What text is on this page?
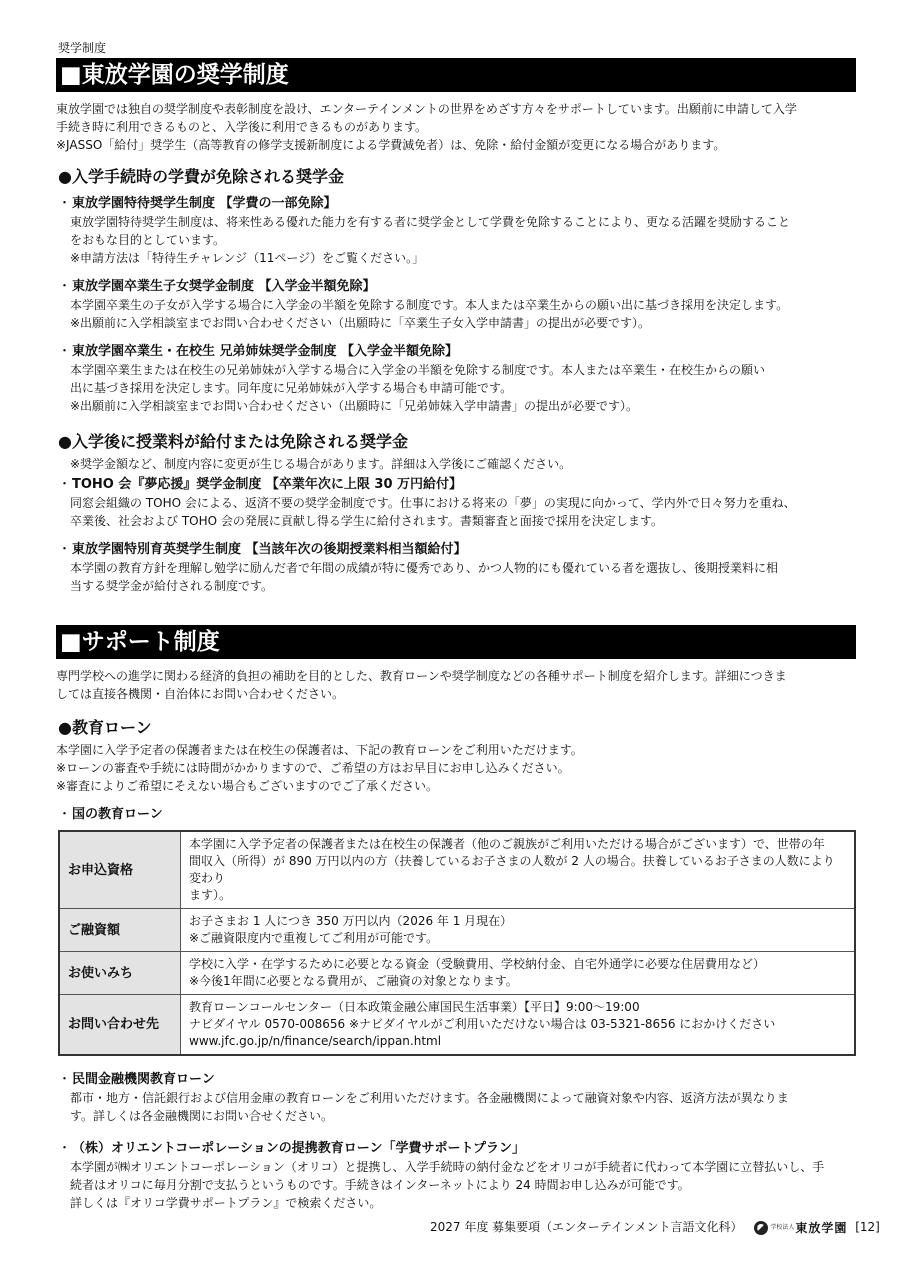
奨学制度
■東放学園の奨学制度

東放学園では独自の奨学制度や表彰制度を設け、エンターテインメントの世界をめざす方々をサポートしています。出願前に申請して入学

手続き時に利用できるものと、入学後に利用できるものがあります。

※JASSO「給付」奨学生（高等教育の修学支援新制度による学費減免者）は、免除・給付金額が変更になる場合があります。

●入学手続時の学費が免除される奨学金
・東放学園特待奨学生制度 【学費の一部免除】

東放学園特待奨学生制度は、将来性ある優れた能力を有する者に奨学金として学費を免除することにより、更なる活躍を奨励すること

をおもな目的としています。

※申請方法は「特待生チャレンジ（11ページ）をご覧ください。」

・東放学園卒業生子女奨学金制度 【入学金半額免除】

本学園卒業生の子女が入学する場合に入学金の半額を免除する制度です。本人または卒業生からの願い出に基づき採用を決定します。

※出願前に入学相談室までお問い合わせください（出願時に「卒業生子女入学申請書」の提出が必要です）。

・東放学園卒業生・在校生 兄弟姉妹奨学金制度 【入学金半額免除】

本学園卒業生または在校生の兄弟姉妹が入学する場合に入学金の半額を免除する制度です。本人または卒業生・在校生からの願い

出に基づき採用を決定します。同年度に兄弟姉妹が入学する場合も申請可能です。

※出願前に入学相談室までお問い合わせください（出願時に「兄弟姉妹入学申請書」の提出が必要です）。

●入学後に授業料が給付または免除される奨学金
※奨学金額など、制度内容に変更が生じる場合があります。詳細は入学後にご確認ください。
・TOHO 会『夢応援』奨学金制度 【卒業年次に上限 30 万円給付】

同窓会組織の TOHO 会による、返済不要の奨学金制度です。仕事における将来の「夢」の実現に向かって、学内外で日々努力を重ね、

卒業後、社会および TOHO 会の発展に貢献し得る学生に給付されます。書類審査と面接で採用を決定します。

・東放学園特別育英奨学生制度 【当該年次の後期授業料相当額給付】

本学園の教育方針を理解し勉学に励んだ者で年間の成績が特に優秀であり、かつ人物的にも優れている者を選抜し、後期授業料に相

当する奨学金が給付される制度です。

■サポート制度

専門学校への進学に関わる経済的負担の補助を目的とした、教育ローンや奨学制度などの各種サポート制度を紹介します。詳細につきま

しては直接各機関・自治体にお問い合わせください。

●教育ローン

本学園に入学予定者の保護者または在校生の保護者は、下記の教育ローンをご利用いただけます。

※ローンの審査や手続には時間がかかりますので、ご希望の方はお早目にお申し込みください。

※審査によりご希望にそえない場合もございますのでご了承ください。

・国の教育ローン
お申込資格	本学園に入学予定者の保護者または在校生の保護者（他のご親族がご利用いただける場合がございます）で、世帯の年

間収入（所得）が 890 万円以内の方（扶養しているお子さまの人数が 2 人の場合。扶養しているお子さまの人数により変わり

ます）。

ご融資額	お子さまお 1 人につき 350 万円以内（2026 年 1 月現在）

※ご融資限度内で重複してご利用が可能です。

お使いみち	学校に入学・在学するために必要となる資金（受験費用、学校納付金、自宅外通学に必要な住居費用など）

※今後1年間に必要となる費用が、ご融資の対象となります。

お問い合わせ先	教育ローンコールセンター（日本政策金融公庫国民生活事業）【平日】9:00～19:00

ナビダイヤル 0570-008656 ※ナビダイヤルがご利用いただけない場合は 03-5321-8656 におかけください

www.jfc.go.jp/n/finance/search/ippan.html

・民間金融機関教育ローン

都市・地方・信託銀行および信用金庫の教育ローンをご利用いただけます。各金融機関によって融資対象や内容、返済方法が異なりま

す。詳しくは各金融機関にお問い合せください。

・（株）オリエントコーポレーションの提携教育ローン「学費サポートプラン」

本学園が㈱オリエントコーポレーション（オリコ）と提携し、入学手続時の納付金などをオリコが手続者に代わって本学園に立替払いし、手

続者はオリコに毎月分割で支払うというものです。手続きはインターネットにより 24 時間お申し込みが可能です。

詳しくは『オリコ学費サポートプラン』で検索ください。

2027 年度 募集要項（エンターテインメント言語文化科）	学校法人 東放学園 [12]
